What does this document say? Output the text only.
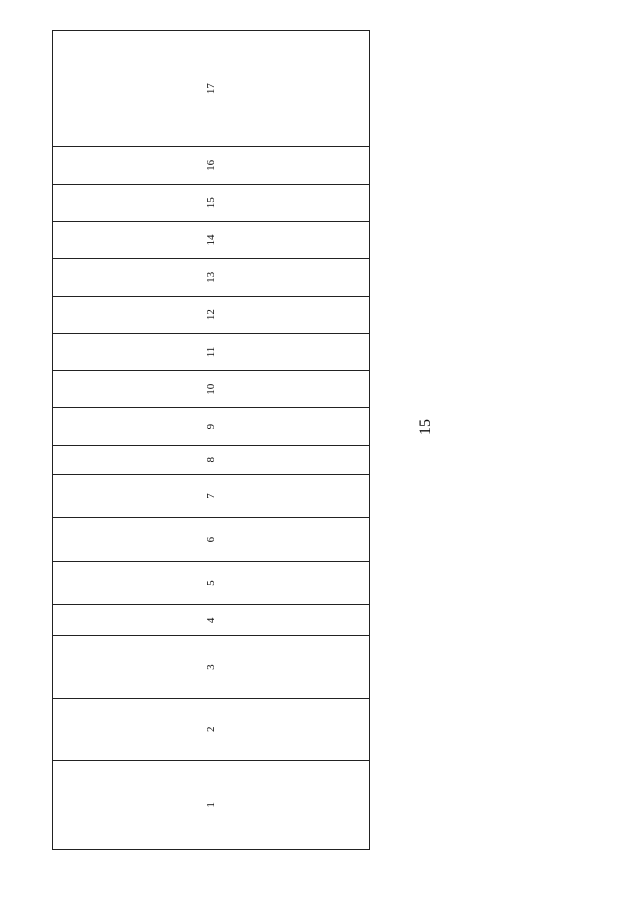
15
1	2	3	4	5	6	7	8	9	10	11	12	13	14	15	16	17
